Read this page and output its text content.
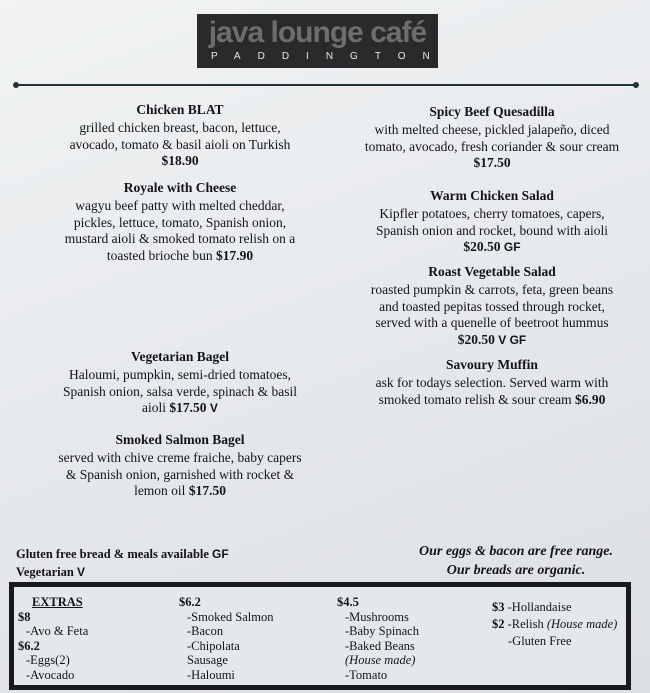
java lounge café
PADDINGTON
Chicken BLAT
grilled chicken breast, bacon, lettuce,
avocado, tomato & basil aioli on Turkish
$18.90
Royale with Cheese
wagyu beef patty with melted cheddar,
pickles, lettuce, tomato, Spanish onion,
mustard aioli & smoked tomato relish on a
toasted brioche bun $17.90
Vegetarian Bagel
Haloumi, pumpkin, semi-dried tomatoes,
Spanish onion, salsa verde, spinach & basil
aioli $17.50 V
Smoked Salmon Bagel
served with chive creme fraiche, baby capers
& Spanish onion, garnished with rocket &
lemon oil $17.50
Spicy Beef Quesadilla
with melted cheese, pickled jalapeño, diced
tomato, avocado, fresh coriander & sour cream
$17.50
Warm Chicken Salad
Kipfler potatoes, cherry tomatoes, capers,
Spanish onion and rocket, bound with aioli
$20.50 GF
Roast Vegetable Salad
roasted pumpkin & carrots, feta, green beans
and toasted pepitas tossed through rocket,
served with a quenelle of beetroot hummus
$20.50 V GF
Savoury Muffin
ask for todays selection. Served warm with
smoked tomato relish & sour cream $6.90
Gluten free bread & meals available GF
Vegetarian V
Our eggs & bacon are free range.
Our breads are organic.
EXTRAS
$8
-Avo & Feta
$6.2
-Eggs(2)
-Avocado
$6.2
-Smoked Salmon
-Bacon
-Chipolata
Sausage
-Haloumi
$4.5
-Mushrooms
-Baby Spinach
-Baked Beans
(House made)
-Tomato
$3 -Hollandaise
$2 -Relish (House made)
-Gluten Free
